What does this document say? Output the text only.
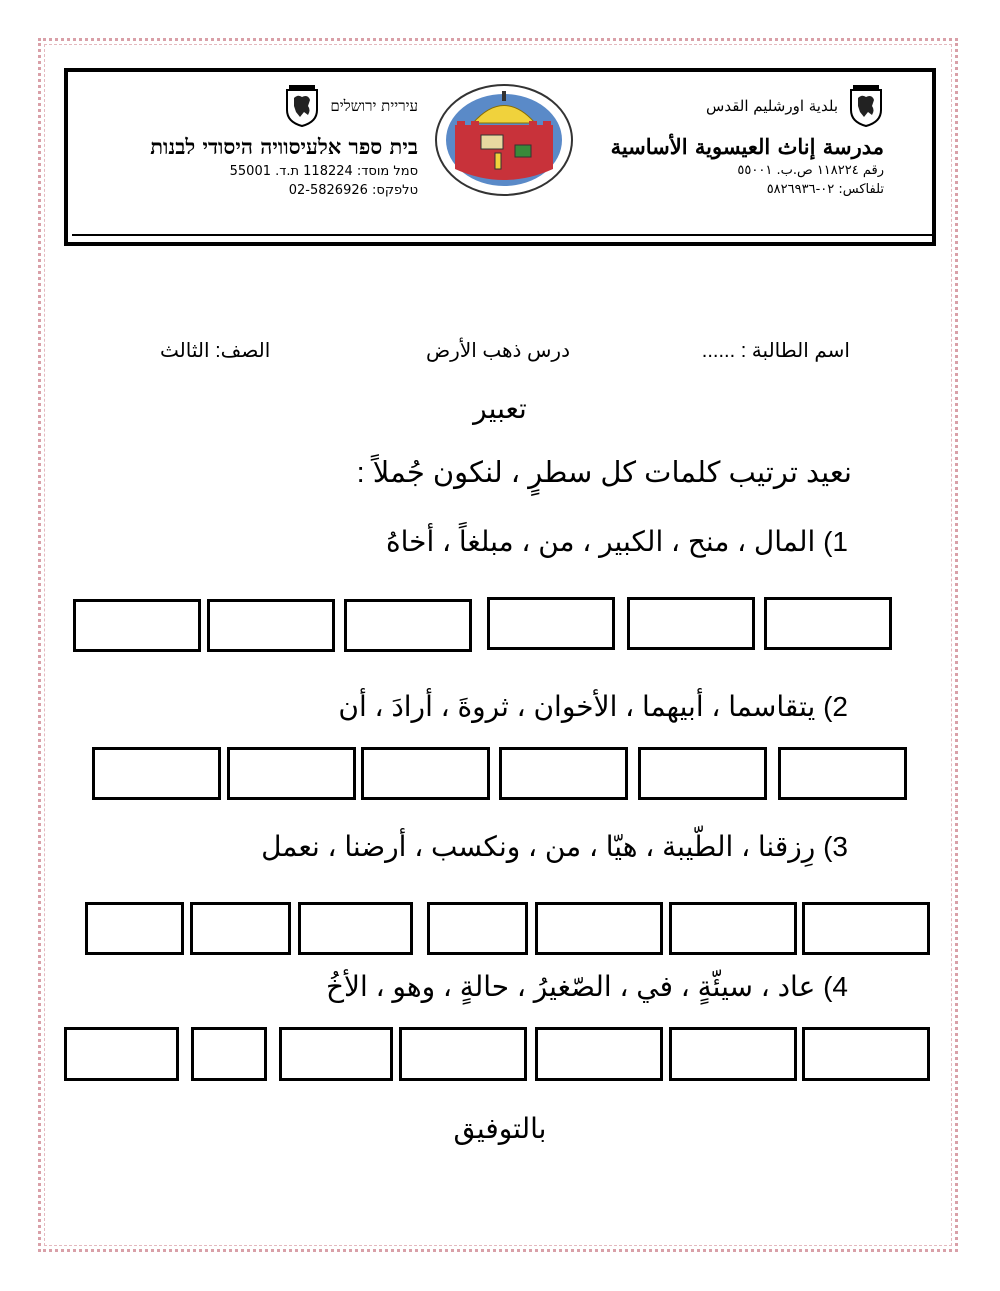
بلدية اورشليم القدس
مدرسة إناث العيسوية الأساسية
رقم ١١٨٢٢٤ ص.ب. ٥٥٠٠١
تلفاكس: ٠٢-٥٨٢٦٩٣٦
עיריית ירושלים
בית ספר אלעיסוויה היסודי לבנות
סמל מוסד: 118224 ת.ד. 55001
טלפקס: 02-5826926
اسم الطالبة : ......
درس ذهب الأرض
الصف: الثالث
تعبير
نعيد ترتيب كلمات كل سطرٍ ، لنكون جُملاً :
1) المال ، منح ، الكبير ، من ، مبلغاً ، أخاهُ
2) يتقاسما ، أبيهما ، الأخوان ، ثروةَ ، أرادَ ، أن
3) رِزقنا ، الطّيبة ، هيّا ، من ، ونكسب ، أرضنا ، نعمل
4) عاد ، سيئّةٍ ، في ، الصّغيرُ ، حالةٍ ، وهو ، الأخُ
بالتوفيق
